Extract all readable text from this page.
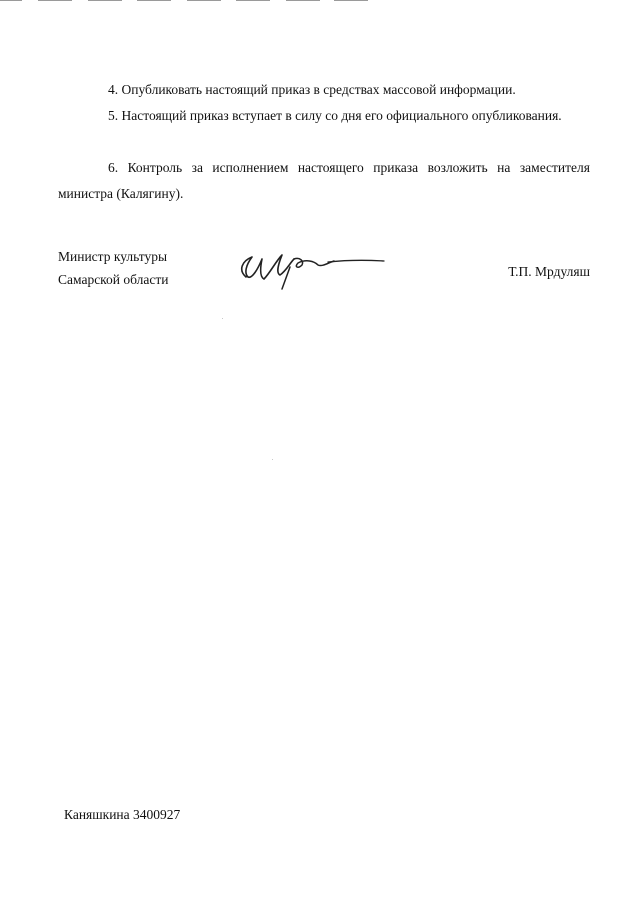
4. Опубликовать настоящий приказ в средствах массовой информации.

5. Настоящий приказ вступает в силу со дня его официального опубликования.

6. Контроль за исполнением настоящего приказа возложить на заместителя министра (Калягину).

Министр культуры
Самарской области
Т.П. Мрдуляш
Каняшкина 3400927
